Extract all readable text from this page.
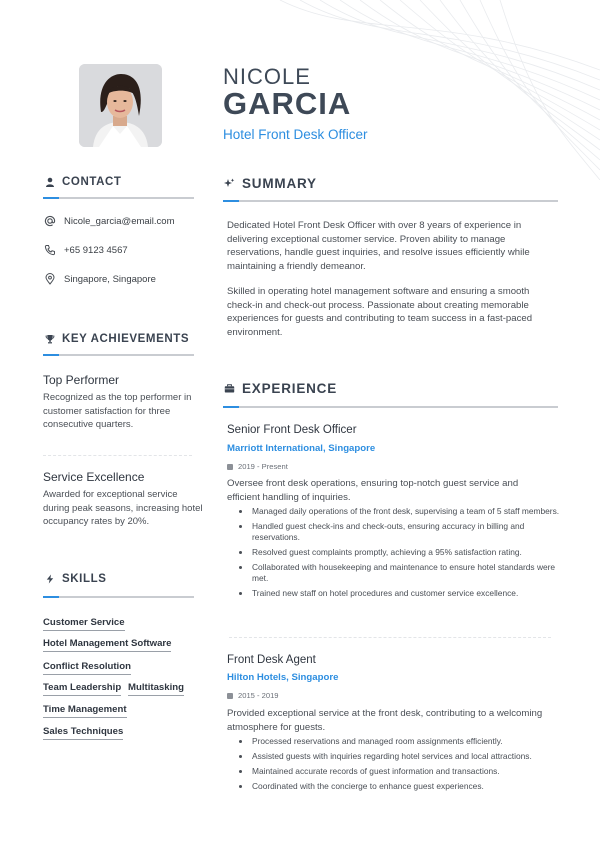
NICOLE
GARCIA
Hotel Front Desk Officer
CONTACT
Nicole_garcia@email.com
+65 9123 4567
Singapore, Singapore
KEY ACHIEVEMENTS
Top Performer
Recognized as the top performer in customer satisfaction for three consecutive quarters.
Service Excellence
Awarded for exceptional service during peak seasons, increasing hotel occupancy rates by 20%.
SKILLS
Customer Service
Hotel Management Software
Conflict Resolution
Team Leadership Multitasking
Time Management
Sales Techniques
SUMMARY
Dedicated Hotel Front Desk Officer with over 8 years of experience in delivering exceptional customer service. Proven ability to manage reservations, handle guest inquiries, and resolve issues efficiently while maintaining a friendly demeanor.
Skilled in operating hotel management software and ensuring a smooth check-in and check-out process. Passionate about creating memorable experiences for guests and contributing to team success in a fast-paced environment.
EXPERIENCE
Senior Front Desk Officer
Marriott International, Singapore
2019 - Present
Oversee front desk operations, ensuring top-notch guest service and efficient handling of inquiries.
• Managed daily operations of the front desk, supervising a team of 5 staff members.
• Handled guest check-ins and check-outs, ensuring accuracy in billing and reservations.
• Resolved guest complaints promptly, achieving a 95% satisfaction rating.
• Collaborated with housekeeping and maintenance to ensure hotel standards were met.
• Trained new staff on hotel procedures and customer service excellence.
Front Desk Agent
Hilton Hotels, Singapore
2015 - 2019
Provided exceptional service at the front desk, contributing to a welcoming atmosphere for guests.
• Processed reservations and managed room assignments efficiently.
• Assisted guests with inquiries regarding hotel services and local attractions.
• Maintained accurate records of guest information and transactions.
• Coordinated with the concierge to enhance guest experiences.
